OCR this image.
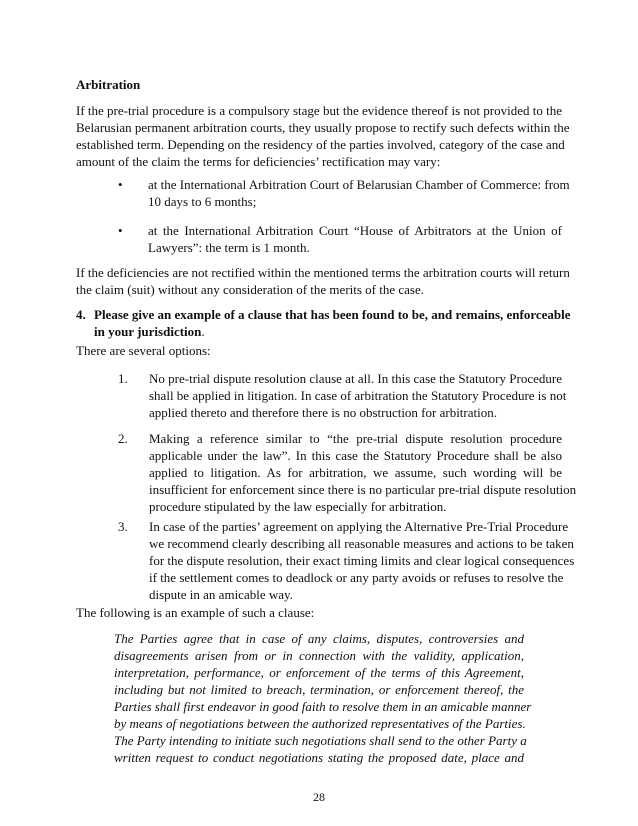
Arbitration
If the pre-trial procedure is a compulsory stage but the evidence thereof is not provided to the
Belarusian permanent arbitration courts, they usually propose to rectify such defects within the
established term. Depending on the residency of the parties involved, category of the case and
amount of the claim the terms for deficiencies’ rectification may vary:
• at the International Arbitration Court of Belarusian Chamber of Commerce: from
10 days to 6 months;
• at the International Arbitration Court “House of Arbitrators at the Union of
Lawyers”: the term is 1 month.
If the deficiencies are not rectified within the mentioned terms the arbitration courts will return
the claim (suit) without any consideration of the merits of the case.
4. Please give an example of a clause that has been found to be, and remains, enforceable
in your jurisdiction.
There are several options:
1. No pre-trial dispute resolution clause at all. In this case the Statutory Procedure
shall be applied in litigation. In case of arbitration the Statutory Procedure is not
applied thereto and therefore there is no obstruction for arbitration.
2. Making a reference similar to “the pre-trial dispute resolution procedure
applicable under the law”. In this case the Statutory Procedure shall be also
applied to litigation. As for arbitration, we assume, such wording will be
insufficient for enforcement since there is no particular pre-trial dispute resolution
procedure stipulated by the law especially for arbitration.
3. In case of the parties’ agreement on applying the Alternative Pre-Trial Procedure
we recommend clearly describing all reasonable measures and actions to be taken
for the dispute resolution, their exact timing limits and clear logical consequences
if the settlement comes to deadlock or any party avoids or refuses to resolve the
dispute in an amicable way.
The following is an example of such a clause:
The Parties agree that in case of any claims, disputes, controversies and
disagreements arisen from or in connection with the validity, application,
interpretation, performance, or enforcement of the terms of this Agreement,
including but not limited to breach, termination, or enforcement thereof, the
Parties shall first endeavor in good faith to resolve them in an amicable manner
by means of negotiations between the authorized representatives of the Parties.
The Party intending to initiate such negotiations shall send to the other Party a
written request to conduct negotiations stating the proposed date, place and
28
